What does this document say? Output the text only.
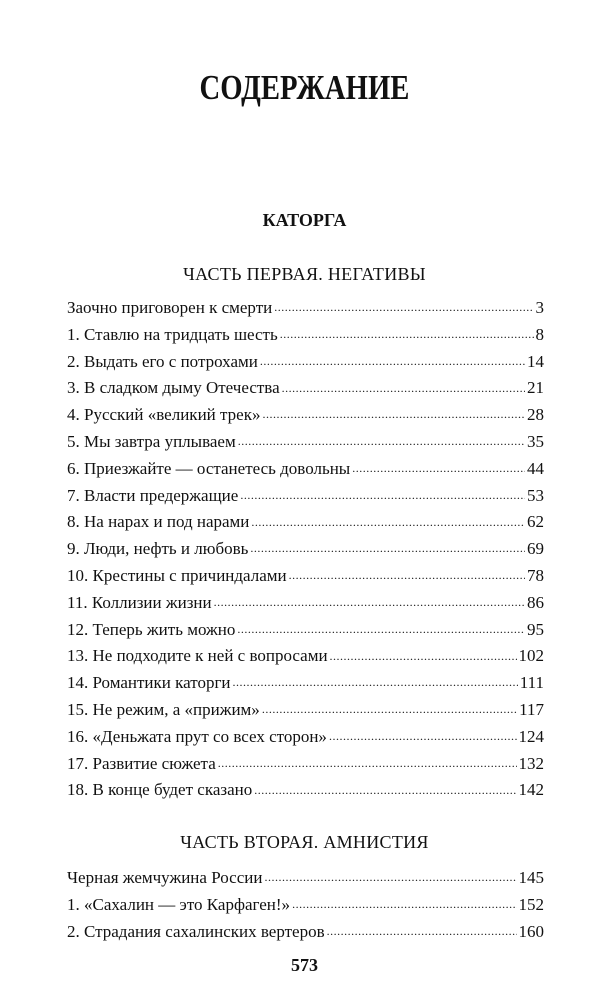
СОДЕРЖАНИЕ
КАТОРГА
ЧАСТЬ ПЕРВАЯ. НЕГАТИВЫ
Заочно приговорен к смерти .....	3
1. Ставлю на тридцать шесть .....	8
2. Выдать его с потрохами .....	14
3. В сладком дыму Отечества .....	21
4. Русский «великий трек» .....	28
5. Мы завтра уплываем .....	35
6. Приезжайте — останетесь довольны .....	44
7. Власти предержащие .....	53
8. На нарах и под нарами .....	62
9. Люди, нефть и любовь .....	69
10. Крестины с причиндалами .....	78
11. Коллизии жизни .....	86
12. Теперь жить можно .....	95
13. Не подходите к ней с вопросами .....	102
14. Романтики каторги .....	111
15. Не режим, а «прижим» .....	117
16. «Деньжата прут со всех сторон» .....	124
17. Развитие сюжета .....	132
18. В конце будет сказано .....	142
ЧАСТЬ ВТОРАЯ. АМНИСТИЯ
Черная жемчужина России .....	145
1. «Сахалин — это Карфаген!» .....	152
2. Страдания сахалинских вертеров .....	160
573
